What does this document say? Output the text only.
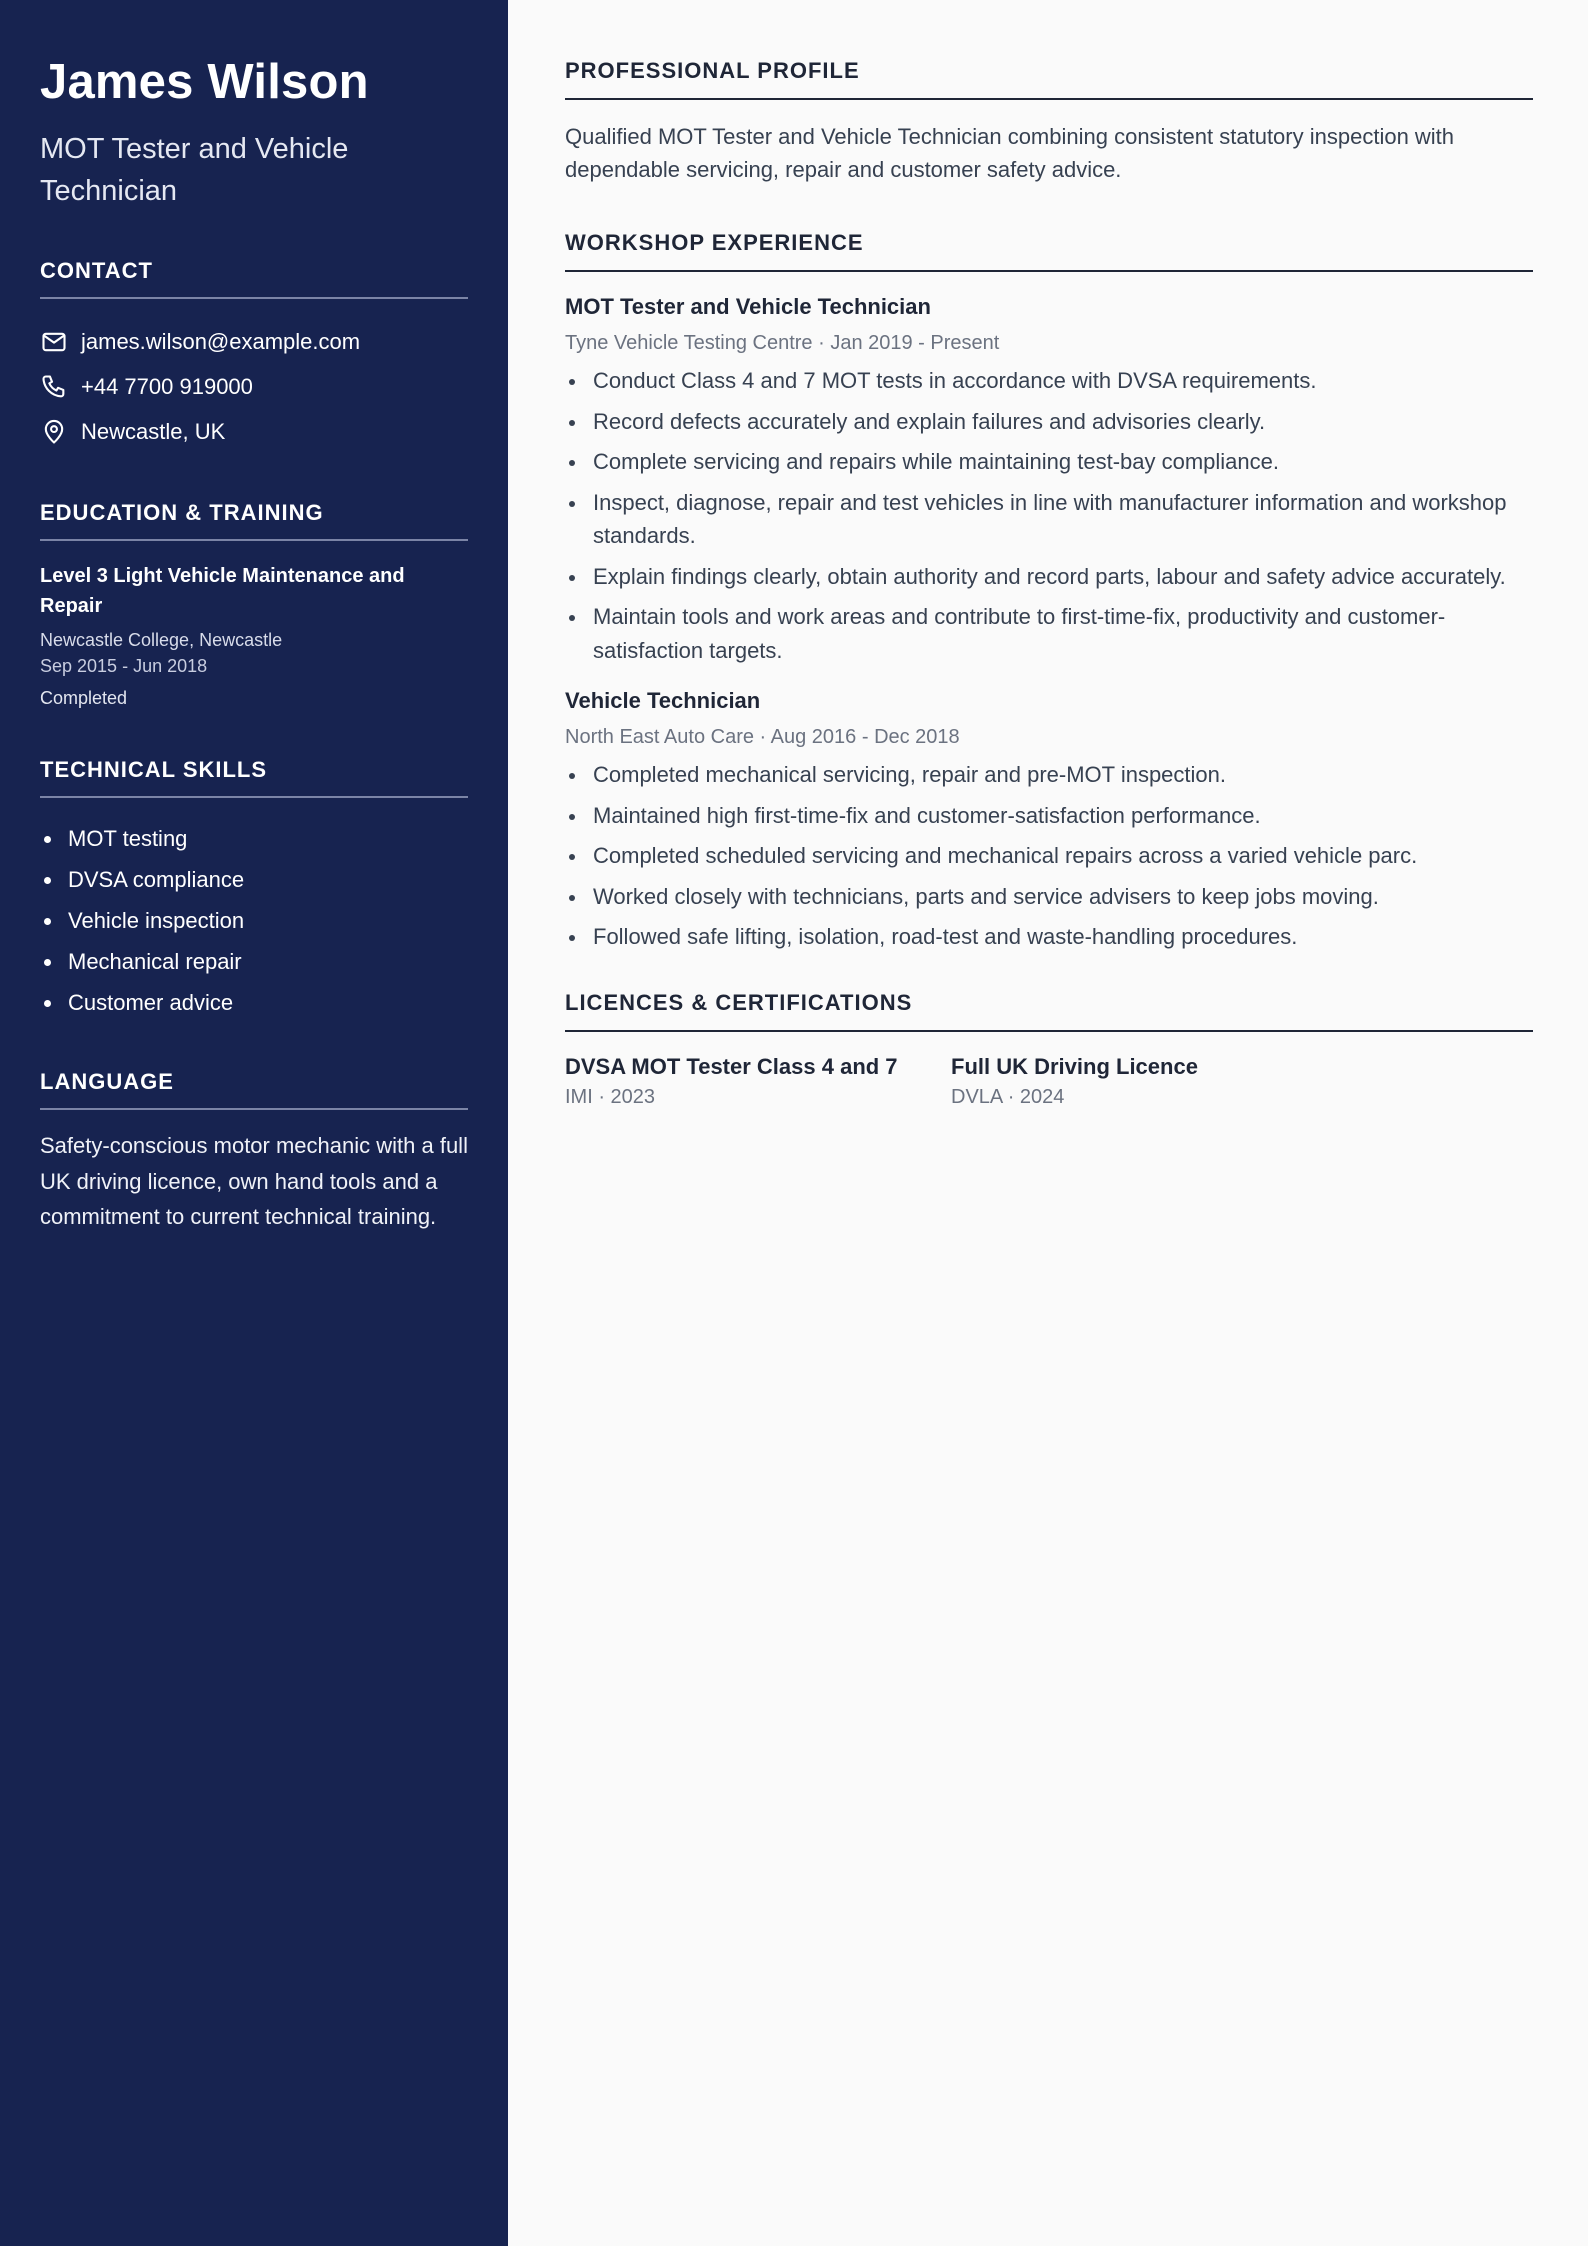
James Wilson
MOT Tester and Vehicle Technician
CONTACT
james.wilson@example.com
+44 7700 919000
Newcastle, UK
EDUCATION & TRAINING
Level 3 Light Vehicle Maintenance and Repair
Newcastle College, Newcastle
Sep 2015 - Jun 2018
Completed
TECHNICAL SKILLS
MOT testing
DVSA compliance
Vehicle inspection
Mechanical repair
Customer advice
LANGUAGE
Safety-conscious motor mechanic with a full UK driving licence, own hand tools and a commitment to current technical training.
PROFESSIONAL PROFILE
Qualified MOT Tester and Vehicle Technician combining consistent statutory inspection with dependable servicing, repair and customer safety advice.
WORKSHOP EXPERIENCE
MOT Tester and Vehicle Technician
Tyne Vehicle Testing Centre · Jan 2019 - Present
Conduct Class 4 and 7 MOT tests in accordance with DVSA requirements.
Record defects accurately and explain failures and advisories clearly.
Complete servicing and repairs while maintaining test-bay compliance.
Inspect, diagnose, repair and test vehicles in line with manufacturer information and workshop standards.
Explain findings clearly, obtain authority and record parts, labour and safety advice accurately.
Maintain tools and work areas and contribute to first-time-fix, productivity and customer-satisfaction targets.
Vehicle Technician
North East Auto Care · Aug 2016 - Dec 2018
Completed mechanical servicing, repair and pre-MOT inspection.
Maintained high first-time-fix and customer-satisfaction performance.
Completed scheduled servicing and mechanical repairs across a varied vehicle parc.
Worked closely with technicians, parts and service advisers to keep jobs moving.
Followed safe lifting, isolation, road-test and waste-handling procedures.
LICENCES & CERTIFICATIONS
DVSA MOT Tester Class 4 and 7
IMI · 2023
Full UK Driving Licence
DVLA · 2024
